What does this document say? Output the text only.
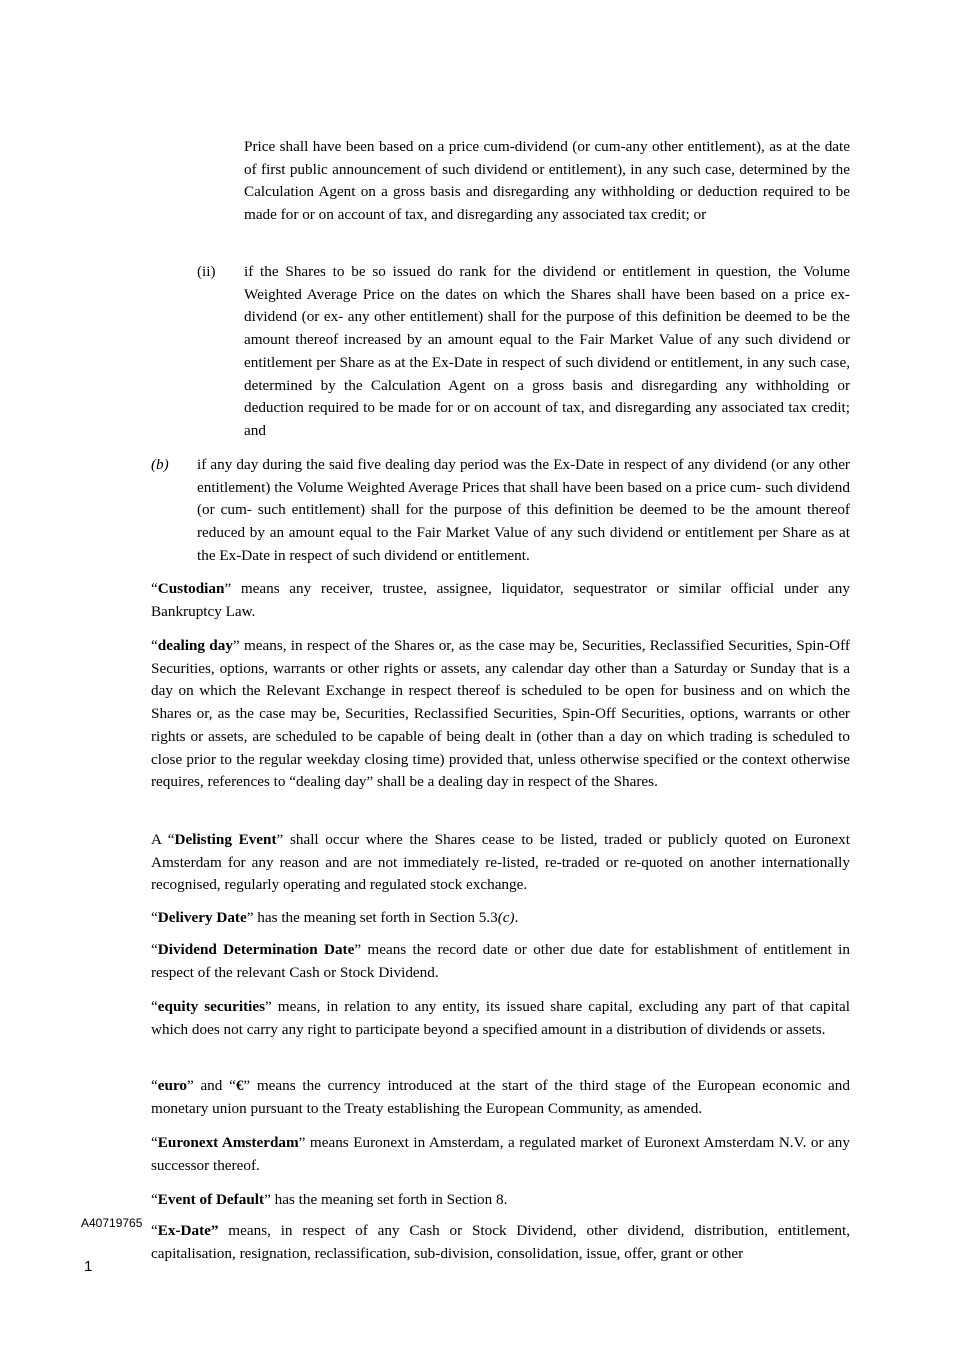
Price shall have been based on a price cum-dividend (or cum-any other entitlement), as at the date of first public announcement of such dividend or entitlement), in any such case, determined by the Calculation Agent on a gross basis and disregarding any withholding or deduction required to be made for or on account of tax, and disregarding any associated tax credit; or

(ii) if the Shares to be so issued do rank for the dividend or entitlement in question, the Volume Weighted Average Price on the dates on which the Shares shall have been based on a price ex- dividend (or ex- any other entitlement) shall for the purpose of this definition be deemed to be the amount thereof increased by an amount equal to the Fair Market Value of any such dividend or entitlement per Share as at the Ex-Date in respect of such dividend or entitlement, in any such case, determined by the Calculation Agent on a gross basis and disregarding any withholding or deduction required to be made for or on account of tax, and disregarding any associated tax credit; and

(b) if any day during the said five dealing day period was the Ex-Date in respect of any dividend (or any other entitlement) the Volume Weighted Average Prices that shall have been based on a price cum- such dividend (or cum- such entitlement) shall for the purpose of this definition be deemed to be the amount thereof reduced by an amount equal to the Fair Market Value of any such dividend or entitlement per Share as at the Ex-Date in respect of such dividend or entitlement.

“Custodian” means any receiver, trustee, assignee, liquidator, sequestrator or similar official under any Bankruptcy Law.

“dealing day” means, in respect of the Shares or, as the case may be, Securities, Reclassified Securities, Spin-Off Securities, options, warrants or other rights or assets, any calendar day other than a Saturday or Sunday that is a day on which the Relevant Exchange in respect thereof is scheduled to be open for business and on which the Shares or, as the case may be, Securities, Reclassified Securities, Spin-Off Securities, options, warrants or other rights or assets, are scheduled to be capable of being dealt in (other than a day on which trading is scheduled to close prior to the regular weekday closing time) provided that, unless otherwise specified or the context otherwise requires, references to “dealing day” shall be a dealing day in respect of the Shares.

A “Delisting Event” shall occur where the Shares cease to be listed, traded or publicly quoted on Euronext Amsterdam for any reason and are not immediately re-listed, re-traded or re-quoted on another internationally recognised, regularly operating and regulated stock exchange.

“Delivery Date” has the meaning set forth in Section 5.3(c).

“Dividend Determination Date” means the record date or other due date for establishment of entitlement in respect of the relevant Cash or Stock Dividend.

“equity securities” means, in relation to any entity, its issued share capital, excluding any part of that capital which does not carry any right to participate beyond a specified amount in a distribution of dividends or assets.

“euro” and “€” means the currency introduced at the start of the third stage of the European economic and monetary union pursuant to the Treaty establishing the European Community, as amended.

“Euronext Amsterdam” means Euronext in Amsterdam, a regulated market of Euronext Amsterdam N.V. or any successor thereof.

“Event of Default” has the meaning set forth in Section 8.

“Ex-Date” means, in respect of any Cash or Stock Dividend, other dividend, distribution, entitlement, capitalisation, resignation, reclassification, sub-division, consolidation, issue, offer, grant or other

A40719765
1
